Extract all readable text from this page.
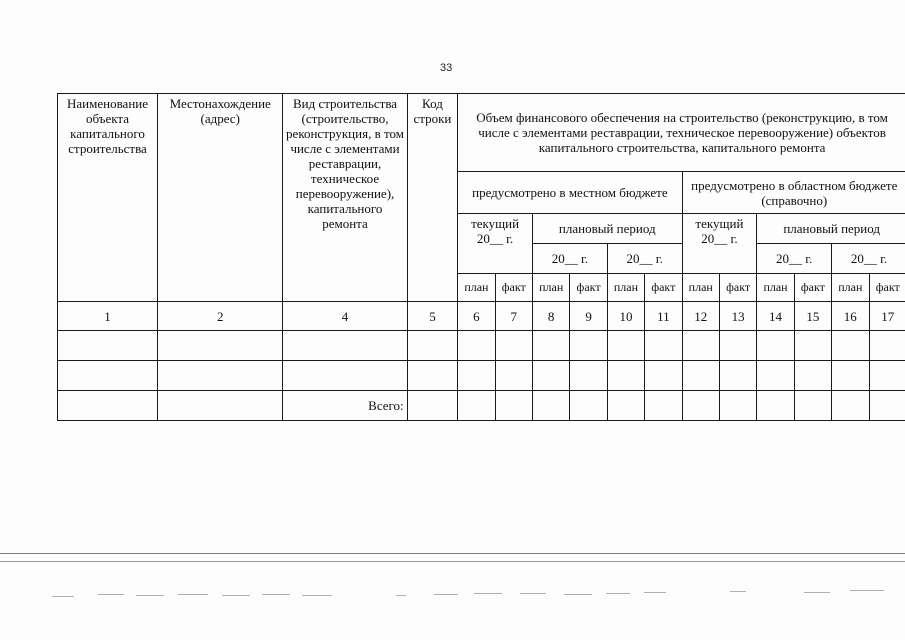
33
Наименование объекта капитального строительства	Местонахождение (адрес)	Вид строительства (строительство, реконструкция, в том числе с элементами реставрации, техническое перевооружение), капитального ремонта	Код строки	Объем финансового обеспечения на строительство (реконструкцию, в том числе с элементами реставрации, техническое перевооружение) объектов капитального строительства, капитального ремонта											
				предусмотрено в местном бюджете						предусмотрено в областном бюджете (справочно)					
				текущий 20__ г.		плановый период				текущий 20__ г.		плановый период			
						20__ г.		20__ г.				20__ г.		20__ г.	
				план	факт	план	факт	план	факт	план	факт	план	факт	план	факт
1	2	4	5	6	7	8	9	10	11	12	13	14	15	16	17

		Всего:													
